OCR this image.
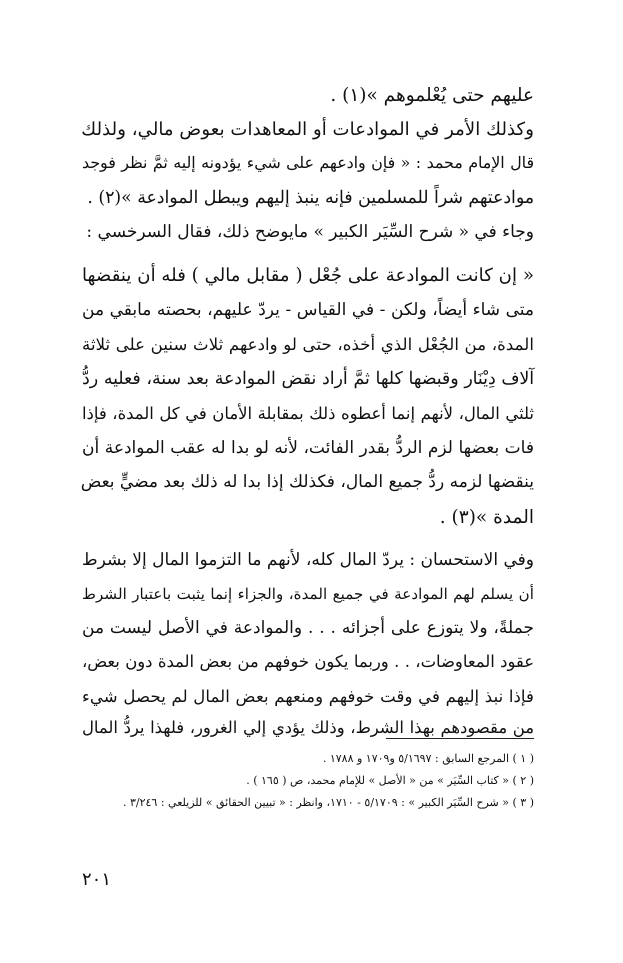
عليهم حتى يُعْلموهم »(١) .
وكذلك الأمر في الموادعات أو المعاهدات بعوض مالي، ولذلك
قال الإمام محمد : « فإن وادعهم على شيء يؤدونه إليه ثمَّ نظر فوجد
موادعتهم شراً للمسلمين فإنه ينبذ إليهم ويبطل الموادعة »(٢) .
وجاء في « شرح السِّيَر الكبير » مايوضح ذلك، فقال السرخسي :
« إن كانت الموادعة على جُعْل ( مقابل مالي ) فله أن ينقضها
متى شاء أيضاً، ولكن - في القياس - يردّ عليهم، بحصته مابقي من
المدة، من الجُعْل الذي أخذه، حتى لو وادعهم ثلاث سنين على ثلاثة
آلاف دِيْنَار وقبضها كلها ثمَّ أراد نقض الموادعة بعد سنة، فعليه ردُّ
ثلثي المال، لأنهم إنما أعطوه ذلك بمقابلة الأمان في كل المدة، فإذا
فات بعضها لزم الردُّ بقدر الفائت، لأنه لو بدا له عقب الموادعة أن
ينقضها لزمه ردُّ جميع المال، فكذلك إذا بدا له ذلك بعد مضيٍّ بعض
المدة »(٣) .
وفي الاستحسان : يردّ المال كله، لأنهم ما التزموا المال إلا بشرط
أن يسلم لهم الموادعة في جميع المدة، والجزاء إنما يثبت باعتبار الشرط
جملةً، ولا يتوزع على أجزائه . . . والموادعة في الأصل ليست من
عقود المعاوضات، . . وربما يكون خوفهم من بعض المدة دون بعض،
فإذا نبذ إليهم في وقت خوفهم ومنعهم بعض المال لم يحصل شيء
من مقصودهم بهذا الشرط، وذلك يؤدي إلي الغرور، فلهذا يردُّ المال
( ١ ) المرجع السابق : ٥/١٦٩٧ و١٧٠٩ و ١٧٨٨ .
( ٢ ) « كتاب السِّيَر » من « الأصل » للإمام محمد، ص ( ١٦٥ ) .
( ٣ ) « شرح السِّيَر الكبير » : ٥/١٧٠٩ - ١٧١٠، وانظر : « تبيين الحقائق » للزيلعي : ٣/٢٤٦ .
٢٠١
